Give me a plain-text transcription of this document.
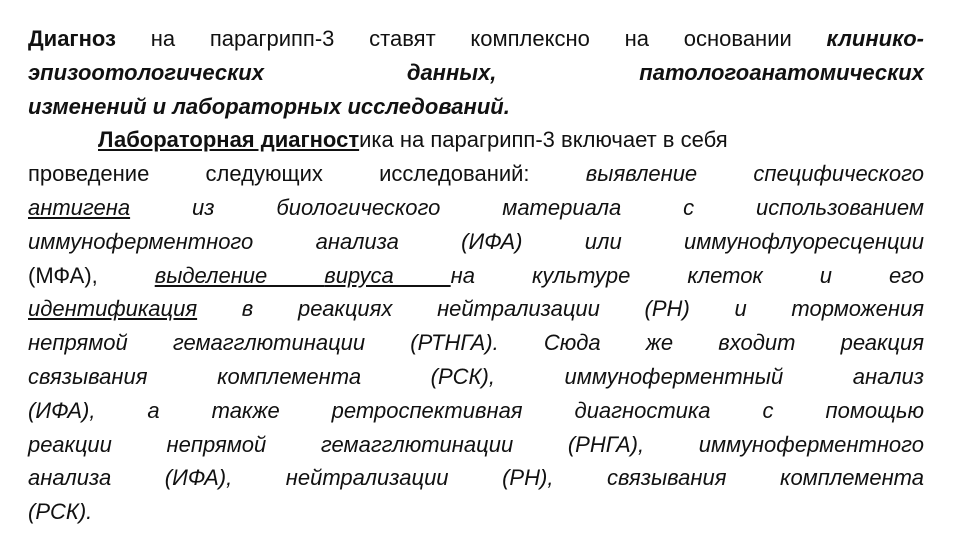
Диагноз на парагрипп-3 ставят комплексно на основании клинико-
эпизоотологических	данных,	патологоанатомических
изменений и лабораторных исследований.
Лабораторная диагностика на парагрипп-3 включает в себя
проведение следующих исследований: выявление специфического
антигена из биологического материала с использованием
иммуноферментного анализа (ИФА) или иммунофлуоресценции
(МФА), выделение вируса на культуре клеток и его
идентификация в реакциях нейтрализации (РН) и торможения
непрямой гемагглютинации (РТНГА). Сюда же входит реакция
связывания комплемента (РСК), иммуноферментный анализ
(ИФА), а также ретроспективная диагностика с помощью
реакции непрямой гемагглютинации (РНГА), иммуноферментного
анализа (ИФА), нейтрализации (РН), связывания комплемента
(РСК).
